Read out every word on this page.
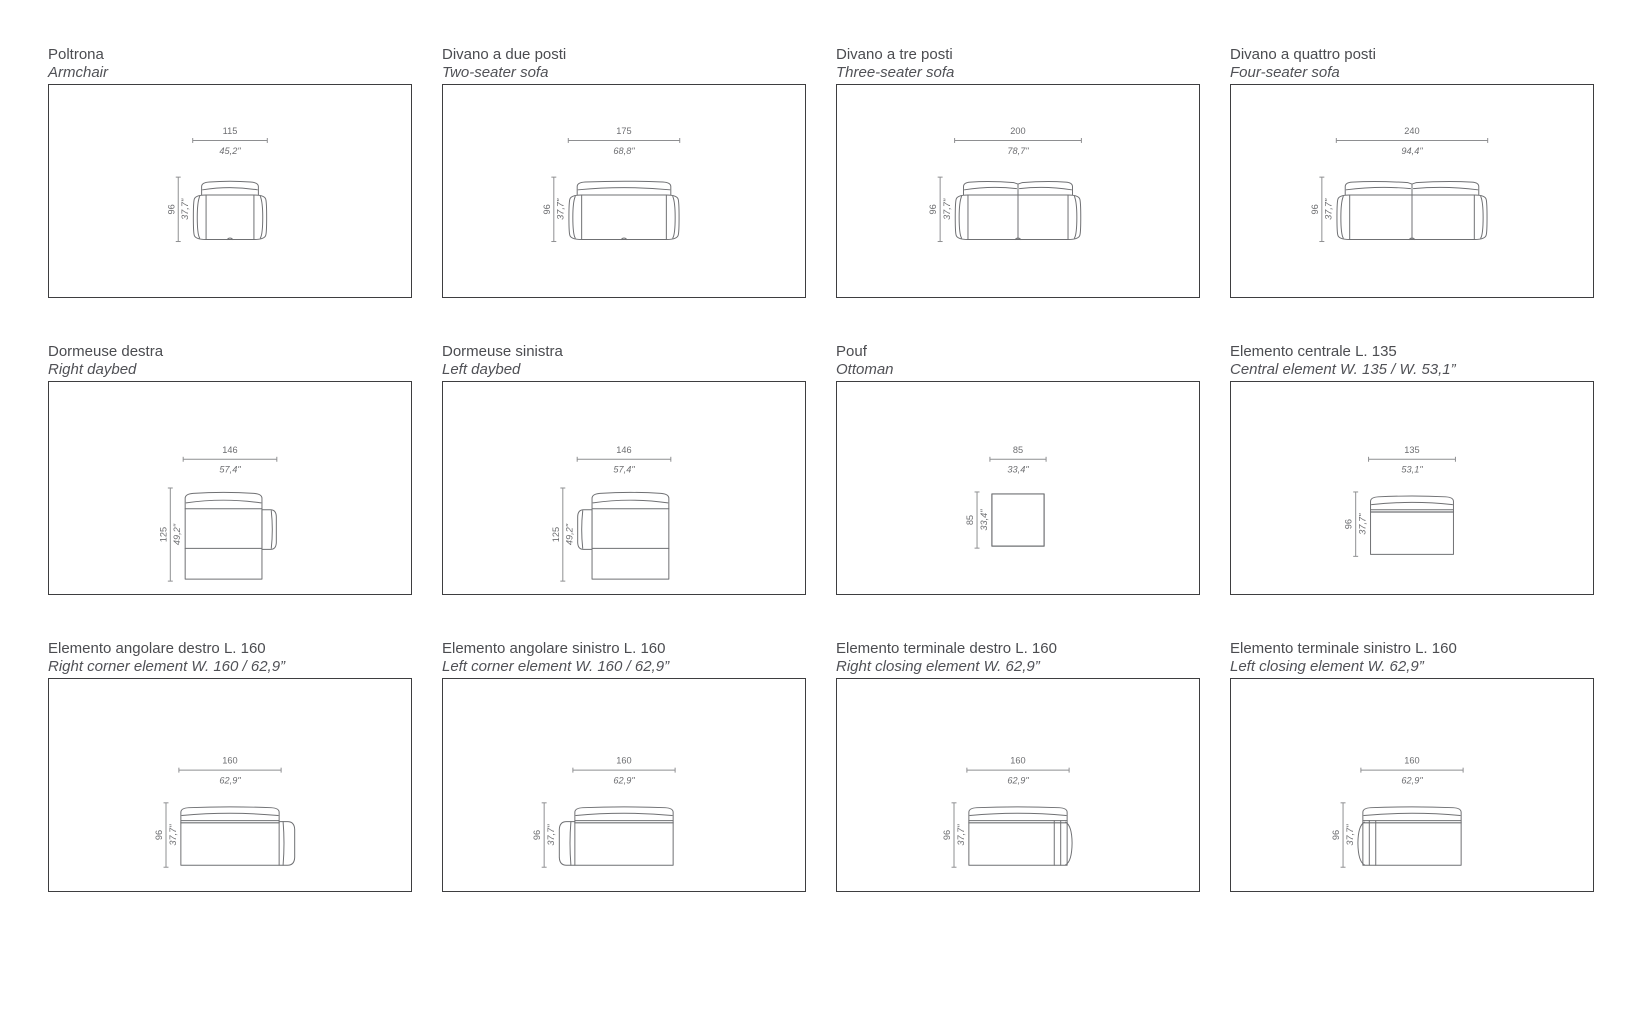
Poltrona
Armchair
115
45,2"
96 37,7"
Divano a due posti
Two-seater sofa
175
68,8"
96 37,7"
Divano a tre posti
Three-seater sofa
200
78,7"
96 37,7"
Divano a quattro posti
Four-seater sofa
240
94,4"
96 37,7"
Dormeuse destra
Right daybed
146
57,4"
125 49,2"
Dormeuse sinistra
Left daybed
146
57,4"
125 49,2"
Pouf
Ottoman
85
33,4"
85 33,4"
Elemento centrale L. 135
Central element W. 135 / W. 53,1”
135
53,1"
96 37,7"
Elemento angolare destro L. 160
Right corner element W. 160 / 62,9”
160
62,9"
96 37,7"
Elemento angolare sinistro L. 160
Left corner element W. 160 / 62,9”
160
62,9"
96 37,7"
Elemento terminale destro L. 160
Right closing element W. 62,9”
160
62,9"
96 37,7"
Elemento terminale sinistro L. 160
Left closing element W. 62,9”
160
62,9"
96 37,7"
